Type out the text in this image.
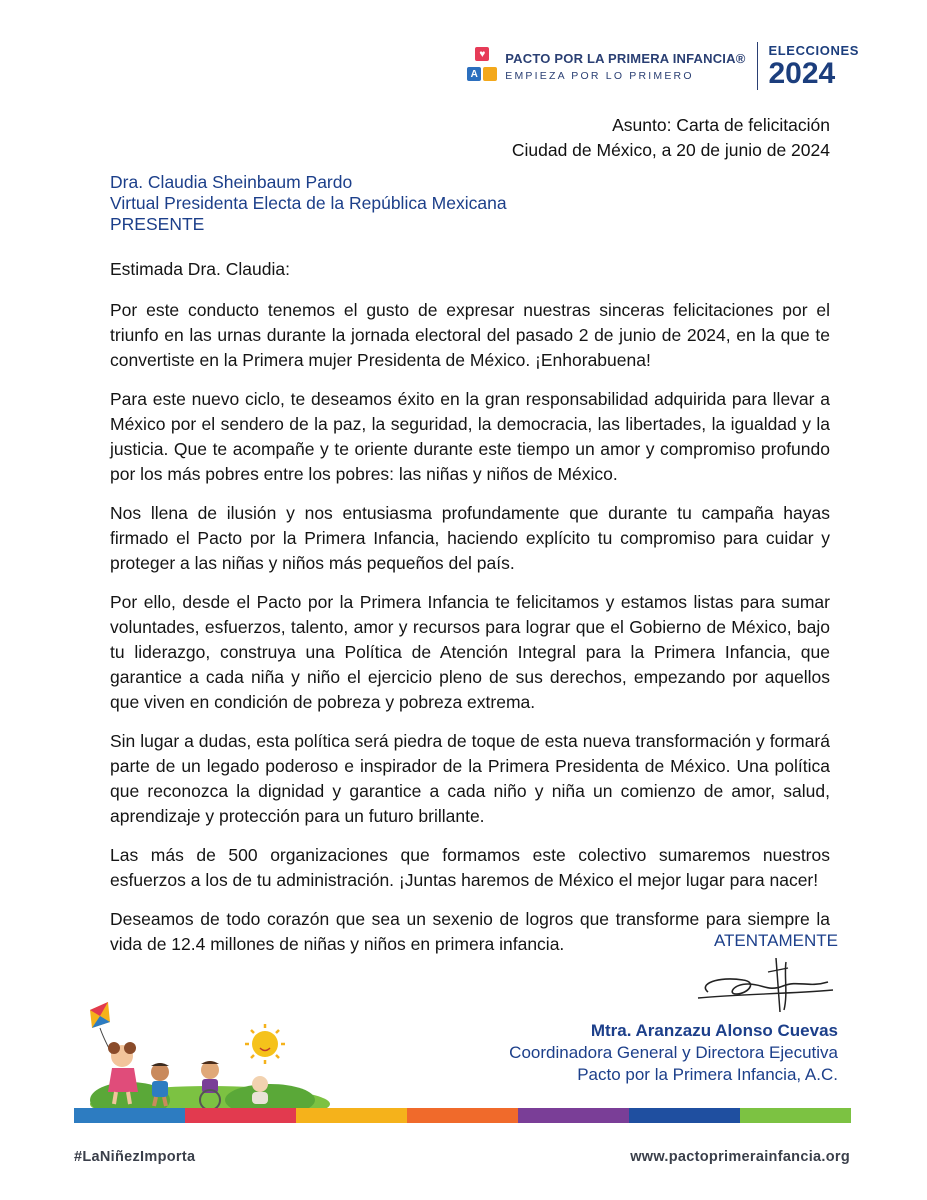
♥
A
PACTO POR LA PRIMERA INFANCIA®
EMPIEZA POR LO PRIMERO
ELECCIONES
2024
Asunto: Carta de felicitación
Ciudad de México, a 20 de junio de 2024
Dra. Claudia Sheinbaum Pardo
Virtual Presidenta Electa de la República Mexicana
PRESENTE

Estimada Dra. Claudia:

Por este conducto tenemos el gusto de expresar nuestras sinceras felicitaciones por el triunfo en las urnas durante la jornada electoral del pasado 2 de junio de 2024, en la que te convertiste en la Primera mujer Presidenta de México. ¡Enhorabuena!

Para este nuevo ciclo, te deseamos éxito en la gran responsabilidad adquirida para llevar a México por el sendero de la paz, la seguridad, la democracia, las libertades, la igualdad y la justicia. Que te acompañe y te oriente durante este tiempo un amor y compromiso profundo por los más pobres entre los pobres: las niñas y niños de México.

Nos llena de ilusión y nos entusiasma profundamente que durante tu campaña hayas firmado el Pacto por la Primera Infancia, haciendo explícito tu compromiso para cuidar y proteger a las niñas y niños más pequeños del país.

Por ello, desde el Pacto por la Primera Infancia te felicitamos y estamos listas para sumar voluntades, esfuerzos, talento, amor y recursos para lograr que el Gobierno de México, bajo tu liderazgo, construya una Política de Atención Integral para la Primera Infancia, que garantice a cada niña y niño el ejercicio pleno de sus derechos, empezando por aquellos que viven en condición de pobreza y pobreza extrema.

Sin lugar a dudas, esta política será piedra de toque de esta nueva transformación y formará parte de un legado poderoso e inspirador de la Primera Presidenta de México. Una política que reconozca la dignidad y garantice a cada niño y niña un comienzo de amor, salud, aprendizaje y protección para un futuro brillante.

Las más de 500 organizaciones que formamos este colectivo sumaremos nuestros esfuerzos a los de tu administración. ¡Juntas haremos de México el mejor lugar para nacer!

Deseamos de todo corazón que sea un sexenio de logros que transforme para siempre la vida de 12.4 millones de niñas y niños en primera infancia.	ATENTAMENTE
Mtra. Aranzazu Alonso Cuevas
Coordinadora General y Directora Ejecutiva
Pacto por la Primera Infancia, A.C.
#LaNiñezImporta	www.pactoprimerainfancia.org
